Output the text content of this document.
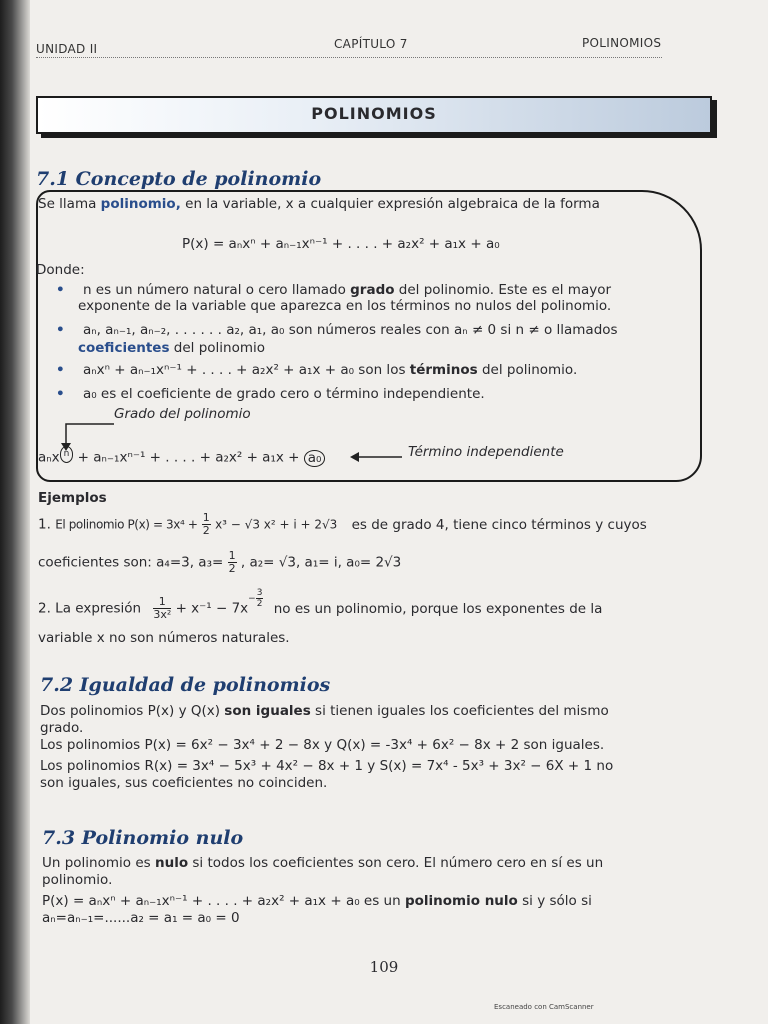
UNIDAD II	CAPÍTULO 7	POLINOMIOS
POLINOMIOS
7.1 Concepto de polinomio
Se llama polinomio, en la variable, x a cualquier expresión algebraica de la forma
P(x) = aₙxⁿ + aₙ₋₁xⁿ⁻¹ + . . . . + a₂x² + a₁x + a₀
Donde:
• n es un número natural o cero llamado grado del polinomio. Este es el mayor
exponente de la variable que aparezca en los términos no nulos del polinomio.
• aₙ, aₙ₋₁, aₙ₋₂, . . . . . . a₂, a₁, a₀ son números reales con aₙ ≠ 0 si n ≠ o llamados
coeficientes del polinomio
• aₙxⁿ + aₙ₋₁xⁿ⁻¹ + . . . . + a₂x² + a₁x + a₀ son los términos del polinomio.
• a₀ es el coeficiente de grado cero o término independiente.
Grado del polinomio
aₙx $^n$ + aₙ₋₁xⁿ⁻¹ + . . . . + a₂x² + a₁x + a₀	Término independiente
Ejemplos
1. El polinomio $P(x) = 3x^4 + \frac{1}{2} x^3 - √3$ x² + i + 2√3 es de grado 4, tiene cinco términos y cuyos
coeficientes son: a₄=3, $a_3= \frac{1}{2}$ , a₂= √3, a₁= i, a₀= 2√3
2. La expresión $\frac{1}{\text{3x²}} + x^{-1} - 7x- \frac{3}{2}$ no es un polinomio, porque los exponentes de la
variable x no son números naturales.
7.2 Igualdad de polinomios
Dos polinomios P(x) y Q(x) son iguales si tienen iguales los coeficientes del mismo
grado.
Los polinomios P(x) = 6x² − 3x⁴ + 2 − 8x y Q(x) = -3x⁴ + 6x² − 8x + 2 son iguales.
Los polinomios R(x) = 3x⁴ − 5x³ + 4x² − 8x + 1 y S(x) = 7x⁴ - 5x³ + 3x² − 6X + 1 no
son iguales, sus coeficientes no coinciden.
7.3 Polinomio nulo
Un polinomio es nulo si todos los coeficientes son cero. El número cero en sí es un
polinomio.
P(x) = aₙxⁿ + aₙ₋₁xⁿ⁻¹ + . . . . + a₂x² + a₁x + a₀ es un polinomio nulo si y sólo si
aₙ=aₙ₋₁=......a₂ = a₁ = a₀ = 0
109
Escaneado con CamScanner
